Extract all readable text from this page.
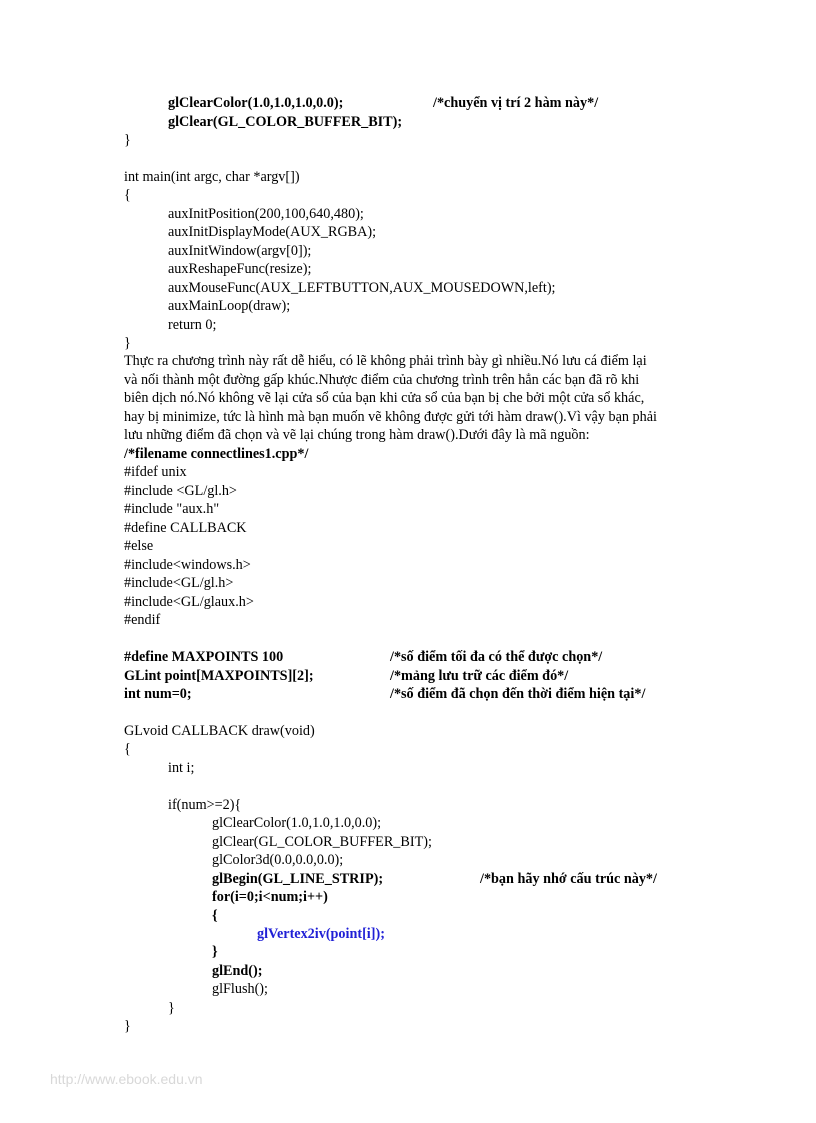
glClearColor(1.0,1.0,1.0,0.0);	/*chuyển vị trí 2 hàm này*/
glClear(GL_COLOR_BUFFER_BIT);
}
int main(int argc, char *argv[])
{
auxInitPosition(200,100,640,480);
auxInitDisplayMode(AUX_RGBA);
auxInitWindow(argv[0]);
auxReshapeFunc(resize);
auxMouseFunc(AUX_LEFTBUTTON,AUX_MOUSEDOWN,left);
auxMainLoop(draw);
return 0;
}
Thực ra chương trình này rất dễ hiểu, có lẽ không phải trình bày gì nhiều.Nó lưu cá điểm lại
và nối thành một đường gấp khúc.Nhược điểm của chương trình trên hẳn các bạn đã rõ khi
biên dịch nó.Nó không vẽ lại cửa sổ của bạn khi cửa sổ của bạn bị che bởi một cửa sổ khác,
hay bị minimize, tức là hình mà bạn muốn vẽ không được gửi tới hàm draw().Vì vậy bạn phải
lưu những điểm đã chọn và vẽ lại chúng trong hàm draw().Dưới đây là mã nguồn:
/*filename connectlines1.cpp*/
#ifdef unix
#include <GL/gl.h>
#include "aux.h"
#define CALLBACK
#else
#include<windows.h>
#include<GL/gl.h>
#include<GL/glaux.h>
#endif
#define MAXPOINTS 100	/*số điểm tối đa có thể được chọn*/
GLint point[MAXPOINTS][2];	/*mảng lưu trữ các điểm đó*/
int num=0;	/*số điểm đã chọn đến thời điểm hiện tại*/
GLvoid CALLBACK draw(void)
{
int i;
if(num>=2){
glClearColor(1.0,1.0,1.0,0.0);
glClear(GL_COLOR_BUFFER_BIT);
glColor3d(0.0,0.0,0.0);
glBegin(GL_LINE_STRIP);	/*bạn hãy nhớ cấu trúc này*/
for(i=0;i<num;i++)
{
glVertex2iv(point[i]);
}
glEnd();
glFlush();
}
}
http://www.ebook.edu.vn
